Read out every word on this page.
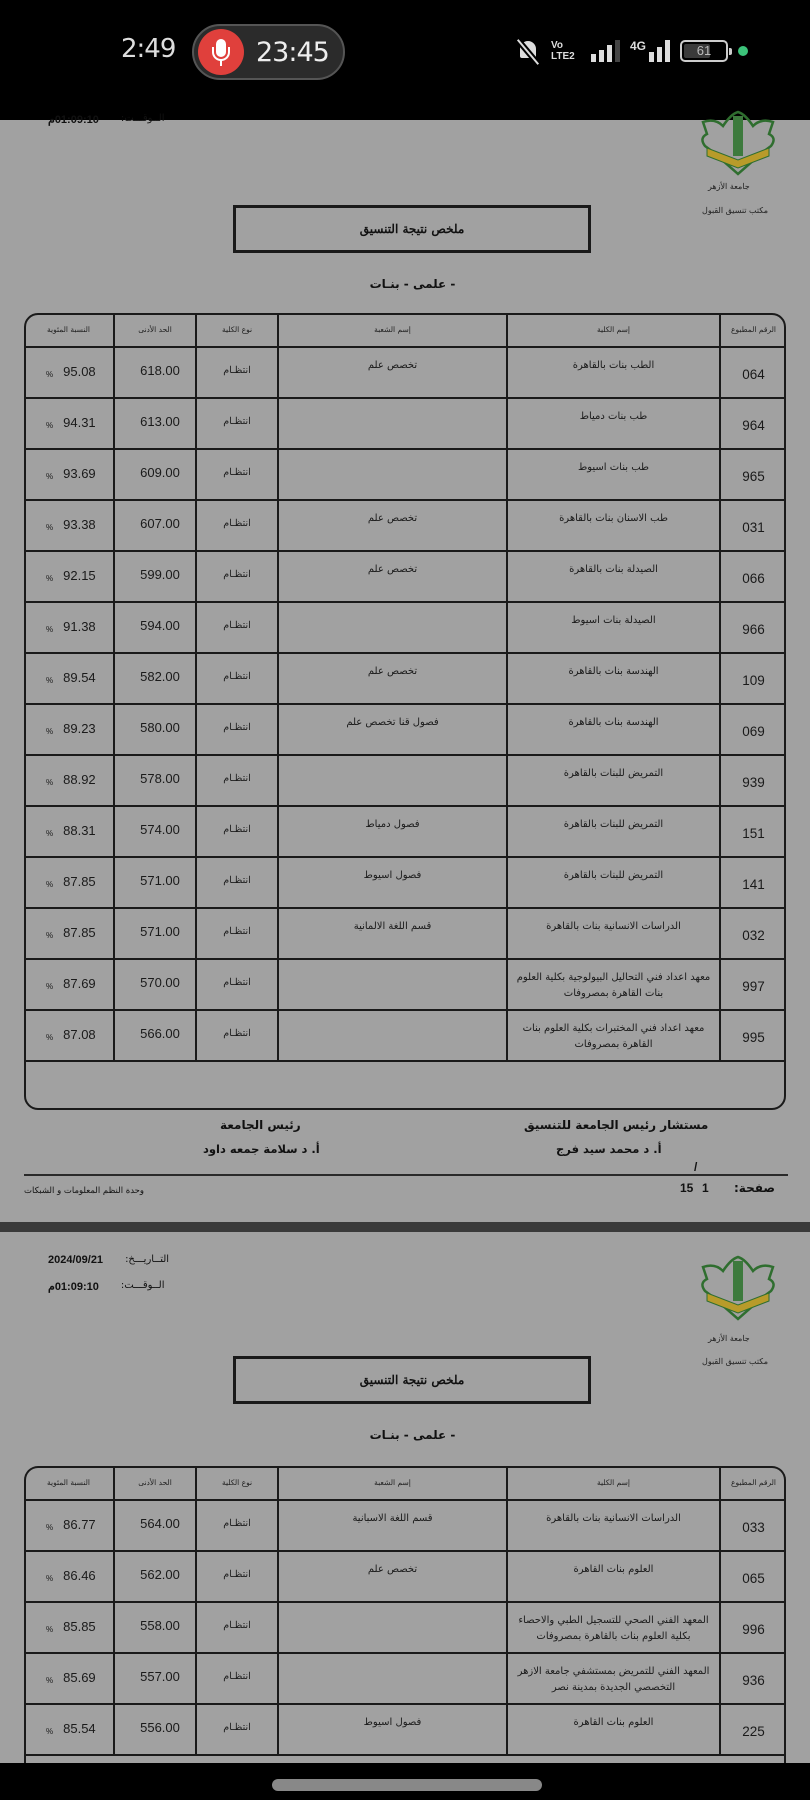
2:49	23:45	Vo
LTE2
4G	61
جامعة الأزهر
مكتب تنسيق القبول
الــوقـــت:
01:09:10م
ملخص نتيجة التنسيق
- علمى - بنـات
الرقم المطبوع	إسم الكلية	إسم الشعبة	نوع الكلية	الحد الأدنى	النسبة المئوية
064	الطب بنات بالقاهرة	تخصص علم	انتظـام	618.00	% 95.08

964	طب بنات دمياط		انتظـام	613.00	% 94.31

965	طب بنات اسيوط		انتظـام	609.00	% 93.69

031	طب الاسنان بنات بالقاهرة	تخصص علم	انتظـام	607.00	% 93.38

066	الصيدلة بنات بالقاهرة	تخصص علم	انتظـام	599.00	% 92.15

966	الصيدلة بنات اسيوط		انتظـام	594.00	% 91.38

109	الهندسة بنات بالقاهرة	تخصص علم	انتظـام	582.00	% 89.54

069	الهندسة بنات بالقاهرة	فصول قنا تخصص علم	انتظـام	580.00	% 89.23

939	التمريض للبنات بالقاهرة		انتظـام	578.00	% 88.92

151	التمريض للبنات بالقاهرة	فصول دمياط	انتظـام	574.00	% 88.31

141	التمريض للبنات بالقاهرة	فصول اسيوط	انتظـام	571.00	% 87.85

032	الدراسات الانسانية بنات بالقاهرة	قسم اللغة الالمانية	انتظـام	571.00	% 87.85

997	معهد اعداد فني التحاليل البيولوجية بكلية العلوم بنات القاهرة بمصروفات		انتظـام	570.00	% 87.69

995	معهد اعداد فني المختبرات بكلية العلوم بنات القاهرة بمصروفات		انتظـام	566.00	% 87.08
مستشار رئيس الجامعة للتنسيق
أ. د محمد سيد فرج
رئيس الجامعة
أ. د سلامة جمعه داود
/
وحدة النظم المعلومات و الشبكات	صفحة:
1
15
جامعة الأزهر
مكتب تنسيق القبول
التــاريـــخ:
2024/09/21
الــوقـــت:
01:09:10م
ملخص نتيجة التنسيق
- علمى - بنـات
الرقم المطبوع	إسم الكلية	إسم الشعبة	نوع الكلية	الحد الأدنى	النسبة المئوية
033	الدراسات الانسانية بنات بالقاهرة	قسم اللغة الاسبانية	انتظـام	564.00	% 86.77

065	العلوم بنات القاهرة	تخصص علم	انتظـام	562.00	% 86.46

996	المعهد الفني الصحي للتسجيل الطبي والاحصاء بكلية العلوم بنات بالقاهرة بمصروفات		انتظـام	558.00	% 85.85

936	المعهد الفني للتمريض بمستشفي جامعة الازهر التخصصي الجديدة بمدينة نصر		انتظـام	557.00	% 85.69

225	العلوم بنات القاهرة	فصول اسيوط	انتظـام	556.00	% 85.54
